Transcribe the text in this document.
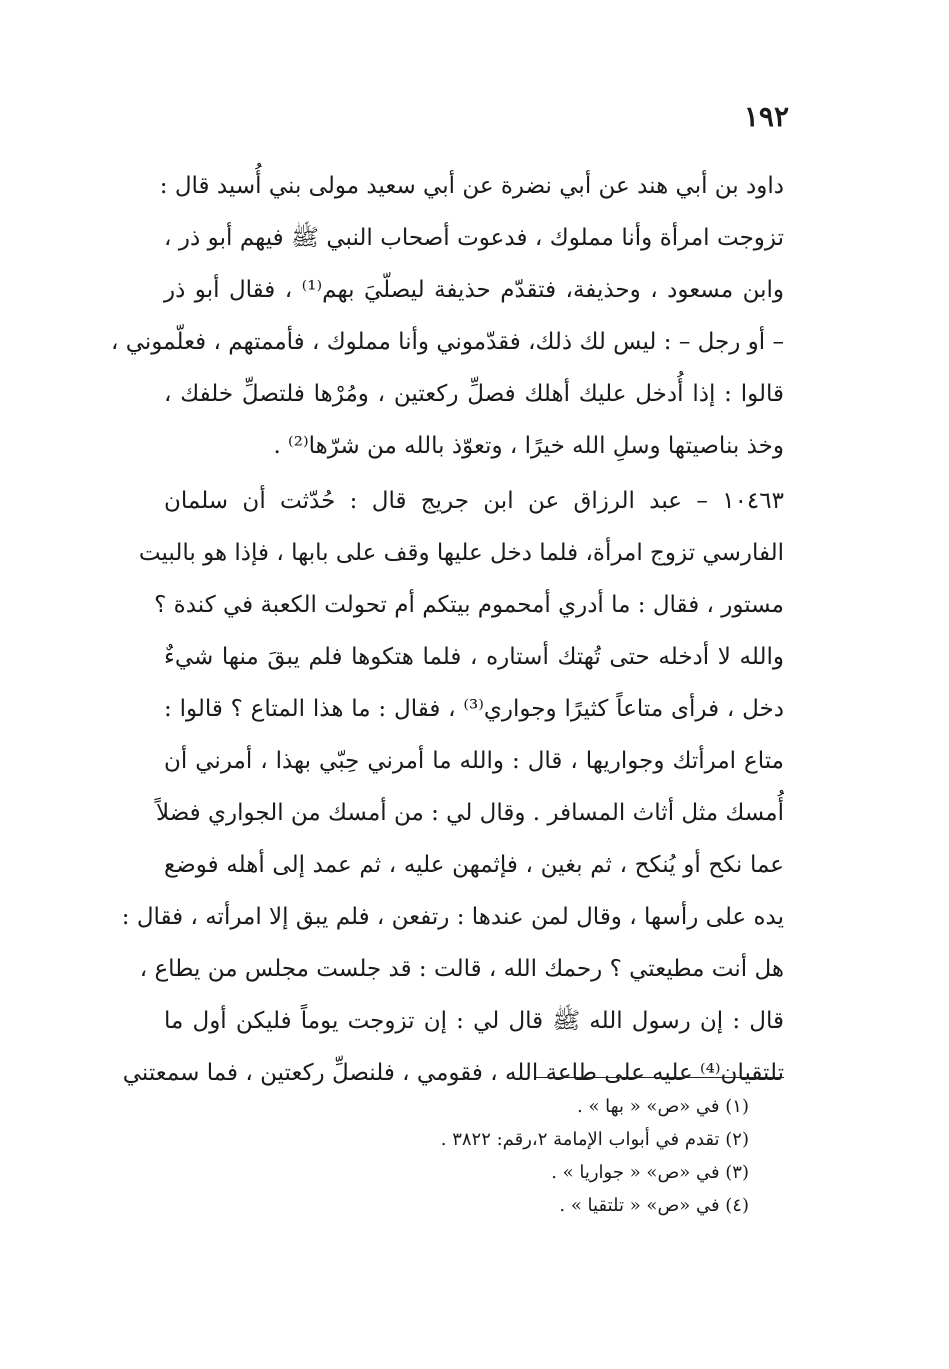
١٩٢
داود بن أبي هند عن أبي نضرة عن أبي سعيد مولى بني أُسيد قال :
تزوجت امرأة وأنا مملوك ، فدعوت أصحاب النبي ﷺ فيهم أبو ذر ،
وابن مسعود ، وحذيفة، فتقدّم حذيفة ليصلّيَ بهم⁽¹⁾ ، فقال أبو ذر
– أو رجل – : ليس لك ذلك، فقدّموني وأنا مملوك ، فأممتهم ، فعلّموني ،
قالوا : إذا أُدخل عليك أهلك فصلِّ ركعتين ، ومُرْها فلتصلِّ خلفك ،
وخذ بناصيتها وسلِ الله خيرًا ، وتعوّذ بالله من شرّها⁽²⁾ .
١٠٤٦٣ – عبد الرزاق عن ابن جريج قال : حُدّثت أن سلمان
الفارسي تزوج امرأة، فلما دخل عليها وقف على بابها ، فإذا هو بالبيت
مستور ، فقال : ما أدري أمحموم بيتكم أم تحولت الكعبة في كندة ؟
والله لا أدخله حتى تُهتك أستاره ، فلما هتكوها فلم يبقَ منها شيءٌ
دخل ، فرأى متاعاً كثيرًا وجواري⁽³⁾ ، فقال : ما هذا المتاع ؟ قالوا :
متاع امرأتك وجواريها ، قال : والله ما أمرني حِبّي بهذا ، أمرني أن
أُمسك مثل أثاث المسافر . وقال لي : من أمسك من الجواري فضلاً
عما نكح أو يُنكح ، ثم بغين ، فإثمهن عليه ، ثم عمد إلى أهله فوضع
يده على رأسها ، وقال لمن عندها : رتفعن ، فلم يبق إلا امرأته ، فقال :
هل أنت مطيعتي ؟ رحمك الله ، قالت : قد جلست مجلس من يطاع ،
قال : إن رسول الله ﷺ قال لي : إن تزوجت يوماً فليكن أول ما
تلتقيان⁽⁴⁾ عليه على طاعة الله ، فقومي ، فلنصلِّ ركعتين ، فما سمعتني
(١) في «ص» « بها » .
(٢) تقدم في أبواب الإمامة ٢،رقم: ٣٨٢٢ .
(٣) في «ص» « جواريا » .
(٤) في «ص» « تلتقيا » .
